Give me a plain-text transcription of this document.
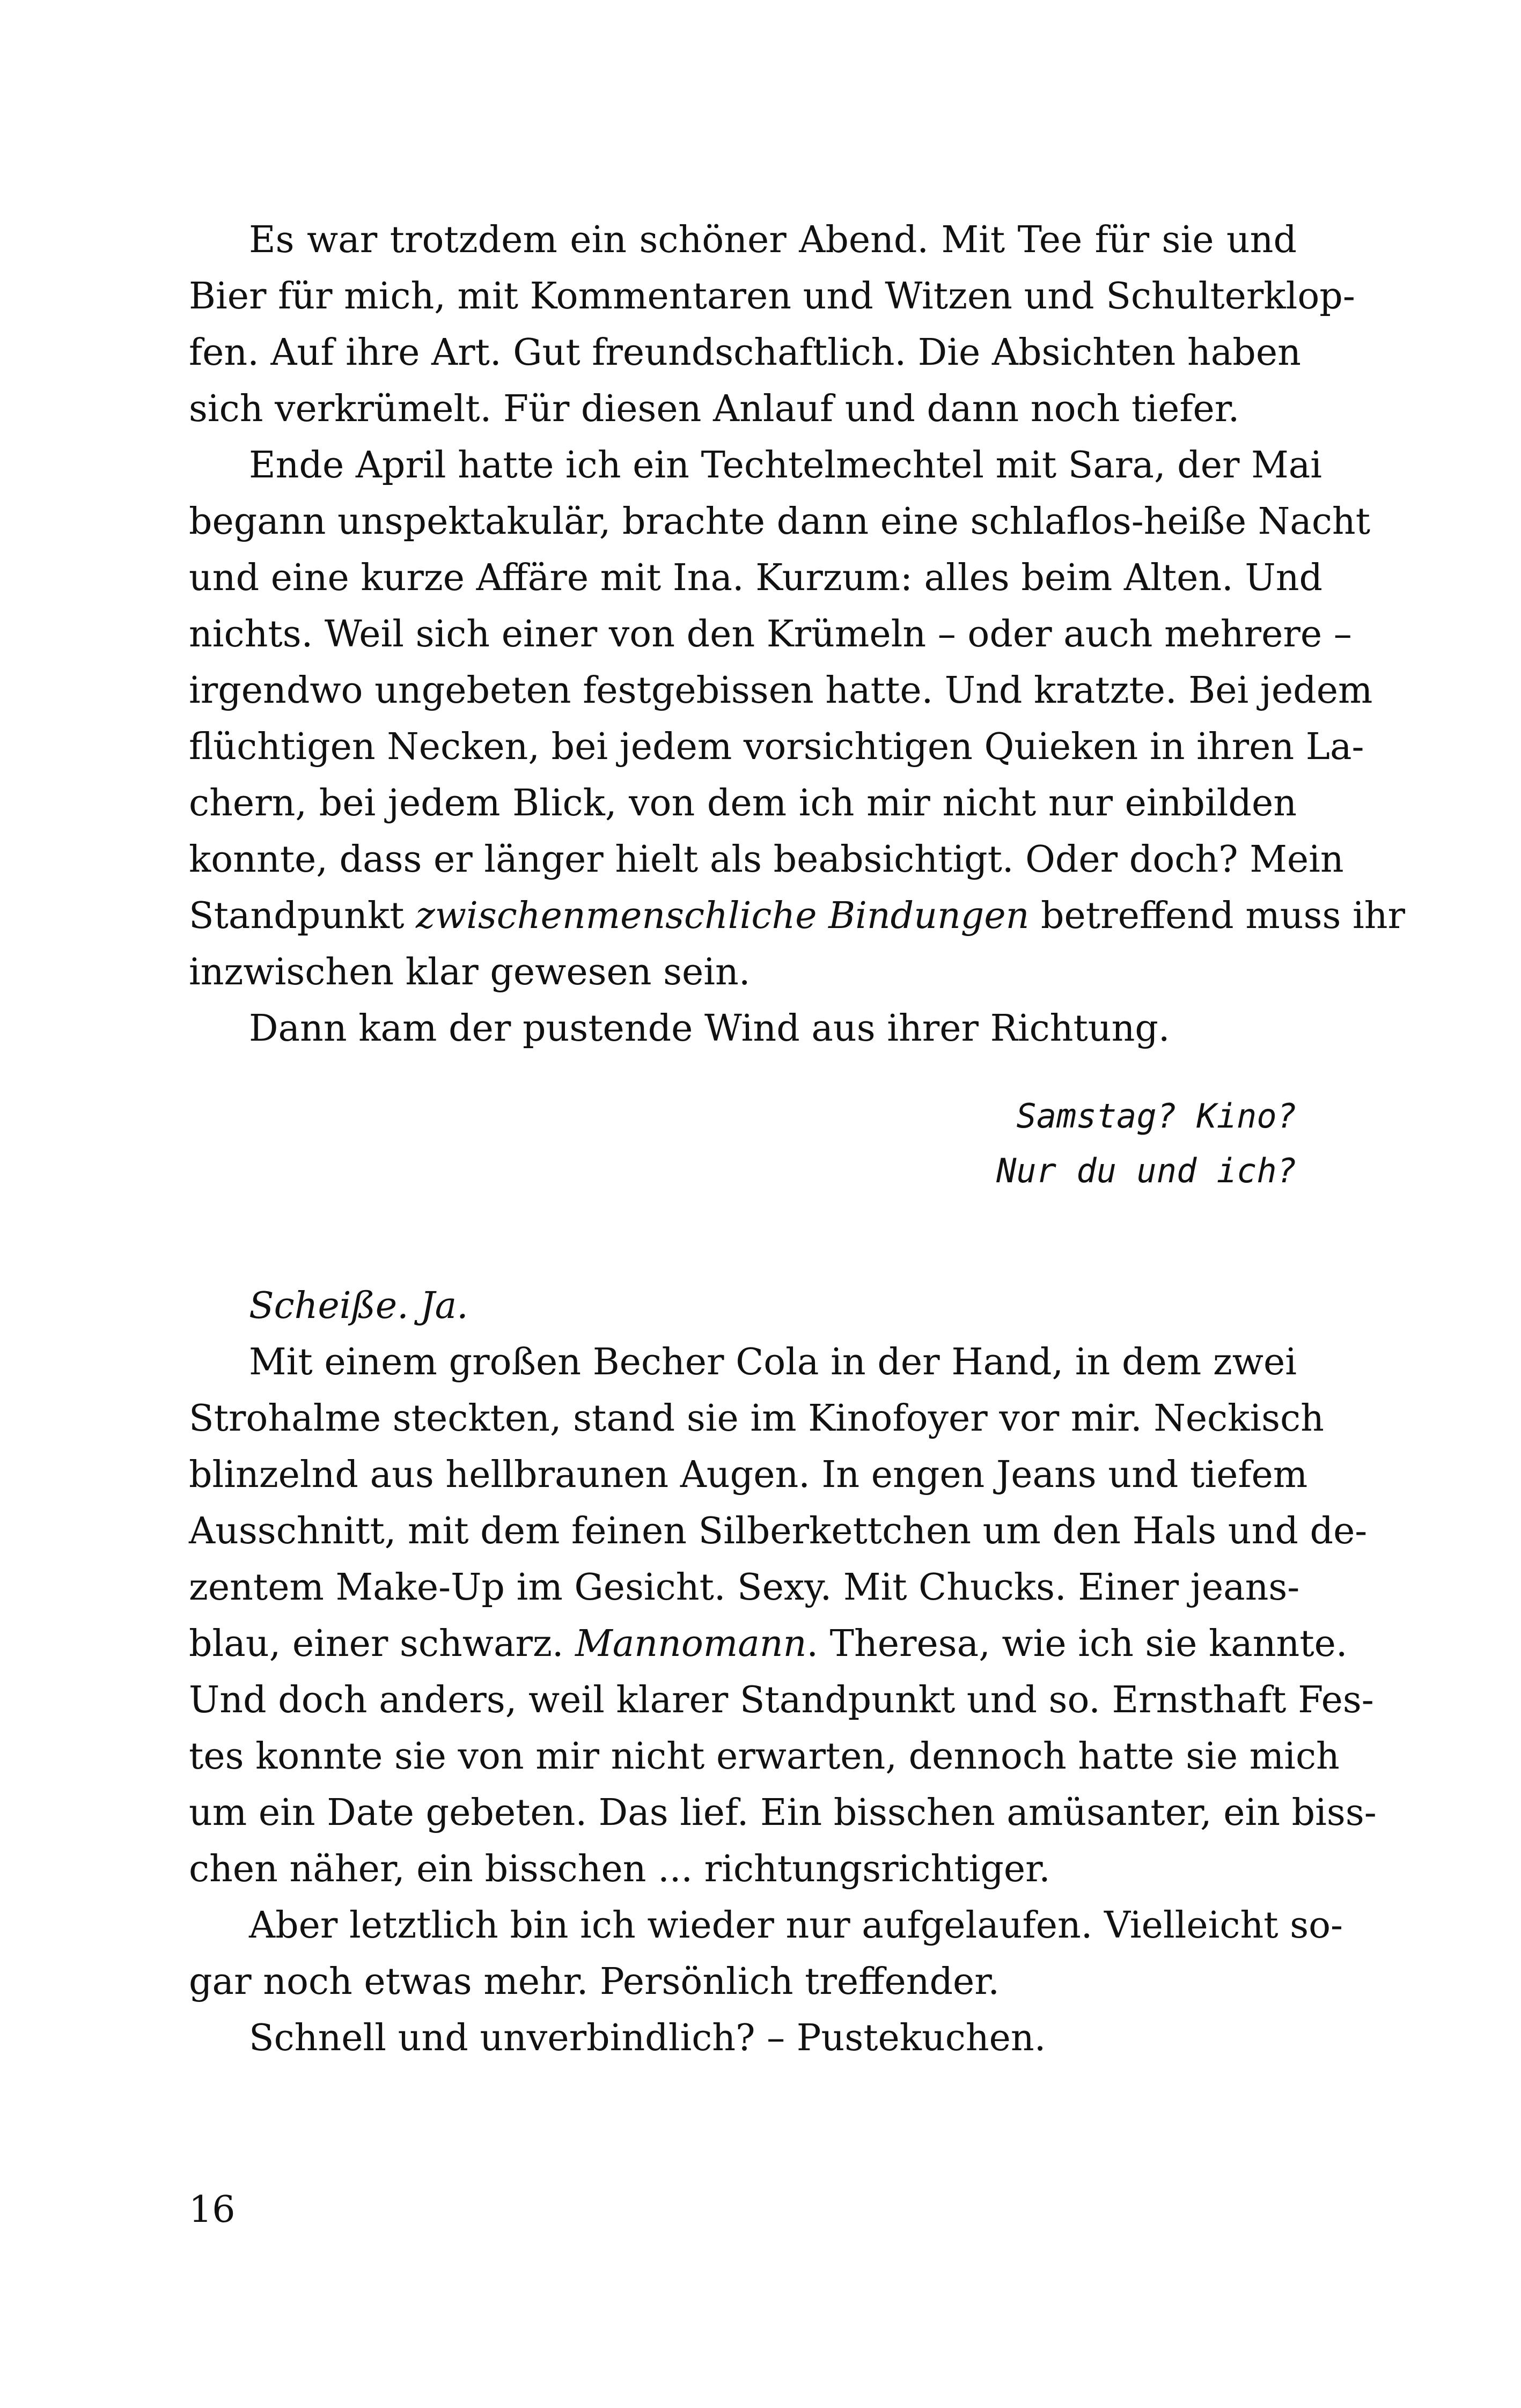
Es war trotzdem ein schöner Abend. Mit Tee für sie und
Bier für mich, mit Kommentaren und Witzen und Schulterklop-
fen. Auf ihre Art. Gut freundschaftlich. Die Absichten haben
sich verkrümelt. Für diesen Anlauf und dann noch tiefer.
Ende April hatte ich ein Techtelmechtel mit Sara, der Mai
begann unspektakulär, brachte dann eine schlaflos-heiße Nacht
und eine kurze Affäre mit Ina. Kurzum: alles beim Alten. Und
nichts. Weil sich einer von den Krümeln – oder auch mehrere –
irgendwo ungebeten festgebissen hatte. Und kratzte. Bei jedem
flüchtigen Necken, bei jedem vorsichtigen Quieken in ihren La-
chern, bei jedem Blick, von dem ich mir nicht nur einbilden
konnte, dass er länger hielt als beabsichtigt. Oder doch? Mein
Standpunkt zwischenmenschliche Bindungen betreffend muss ihr
inzwischen klar gewesen sein.
Dann kam der pustende Wind aus ihrer Richtung.
Samstag? Kino?
Nur du und ich?
Scheiße. Ja.
Mit einem großen Becher Cola in der Hand, in dem zwei
Strohalme steckten, stand sie im Kinofoyer vor mir. Neckisch
blinzelnd aus hellbraunen Augen. In engen Jeans und tiefem
Ausschnitt, mit dem feinen Silberkettchen um den Hals und de-
zentem Make-Up im Gesicht. Sexy. Mit Chucks. Einer jeans-
blau, einer schwarz. Mannomann. Theresa, wie ich sie kannte.
Und doch anders, weil klarer Standpunkt und so. Ernsthaft Fes-
tes konnte sie von mir nicht erwarten, dennoch hatte sie mich
um ein Date gebeten. Das lief. Ein bisschen amüsanter, ein biss-
chen näher, ein bisschen ... richtungsrichtiger.
Aber letztlich bin ich wieder nur aufgelaufen. Vielleicht so-
gar noch etwas mehr. Persönlich treffender.
Schnell und unverbindlich? – Pustekuchen.
16
